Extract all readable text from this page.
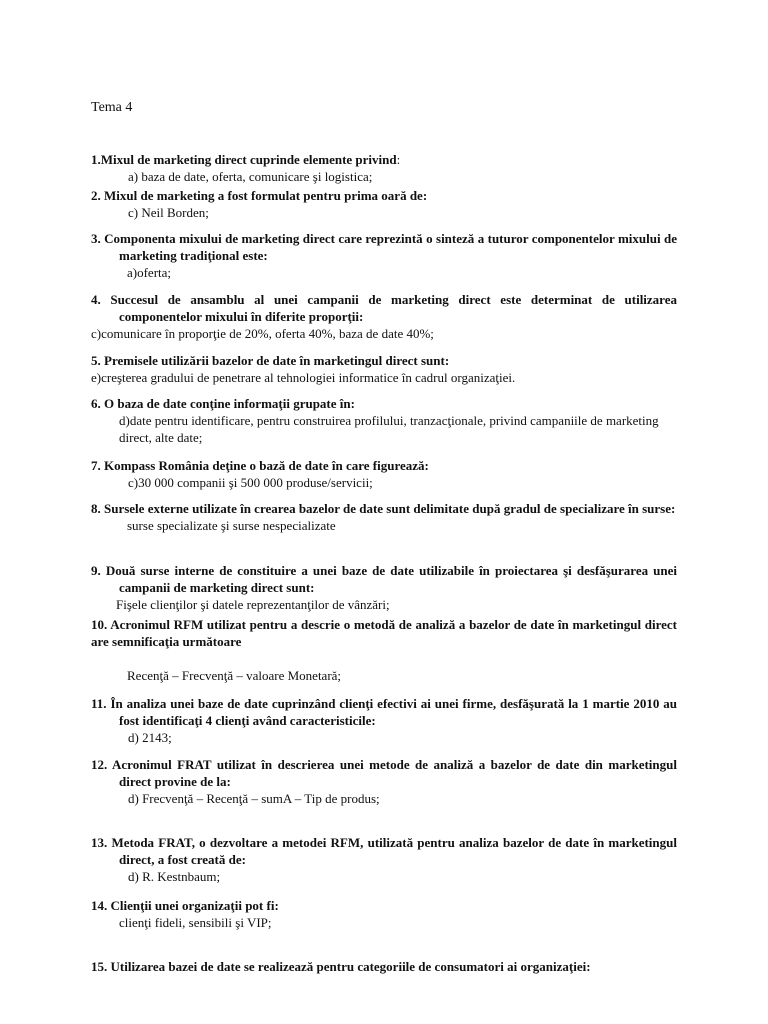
Tema 4
1.Mixul de marketing direct cuprinde elemente privind:
a) baza de date, oferta, comunicare şi logistica;
2. Mixul de marketing a fost formulat pentru prima oară de:
c) Neil Borden;
3. Componenta mixului de marketing direct care reprezintă o sinteză a tuturor componentelor mixului de marketing tradiţional este:
a)oferta;
4. Succesul de ansamblu al unei campanii de marketing direct este determinat de utilizarea componentelor mixului în diferite proporţii:
c)comunicare în proporţie de 20%, oferta 40%, baza de date 40%;
5. Premisele utilizării bazelor de date în marketingul direct sunt:
e)creşterea gradului de penetrare al tehnologiei informatice în cadrul organizaţiei.
6. O baza de date conţine informaţii grupate în:
d)date pentru identificare, pentru construirea profilului, tranzacţionale, privind campaniile de marketing direct, alte date;
7. Kompass România deţine o bază de date în care figurează:
c)30 000 companii şi 500 000 produse/servicii;
8. Sursele externe utilizate în crearea bazelor de date sunt delimitate după gradul de specializare în surse:
surse specializate şi surse nespecializate
9. Două surse interne de constituire a unei baze de date utilizabile în proiectarea şi desfăşurarea unei campanii de marketing direct sunt:
Fişele clienţilor şi datele reprezentanţilor de vânzări;
10. Acronimul RFM utilizat pentru a descrie o metodă de analiză a bazelor de date în marketingul direct are semnificaţia următoare
Recenţă – Frecvenţă – valoare Monetară;
11. În analiza unei baze de date cuprinzând clienţi efectivi ai unei firme, desfăşurată la 1 martie 2010 au fost identificaţi 4 clienţi având caracteristicile:
d) 2143;
12. Acronimul FRAT utilizat în descrierea unei metode de analiză a bazelor de date din marketingul direct provine de la:
d) Frecvenţă – Recenţă – sumA – Tip de produs;
13. Metoda FRAT, o dezvoltare a metodei RFM, utilizată pentru analiza bazelor de date în marketingul direct, a fost creată de:
d) R. Kestnbaum;
14. Clienţii unei organizaţii pot fi:
clienţi fideli, sensibili şi VIP;
15. Utilizarea bazei de date se realizează pentru categoriile de consumatori ai organizaţiei:
